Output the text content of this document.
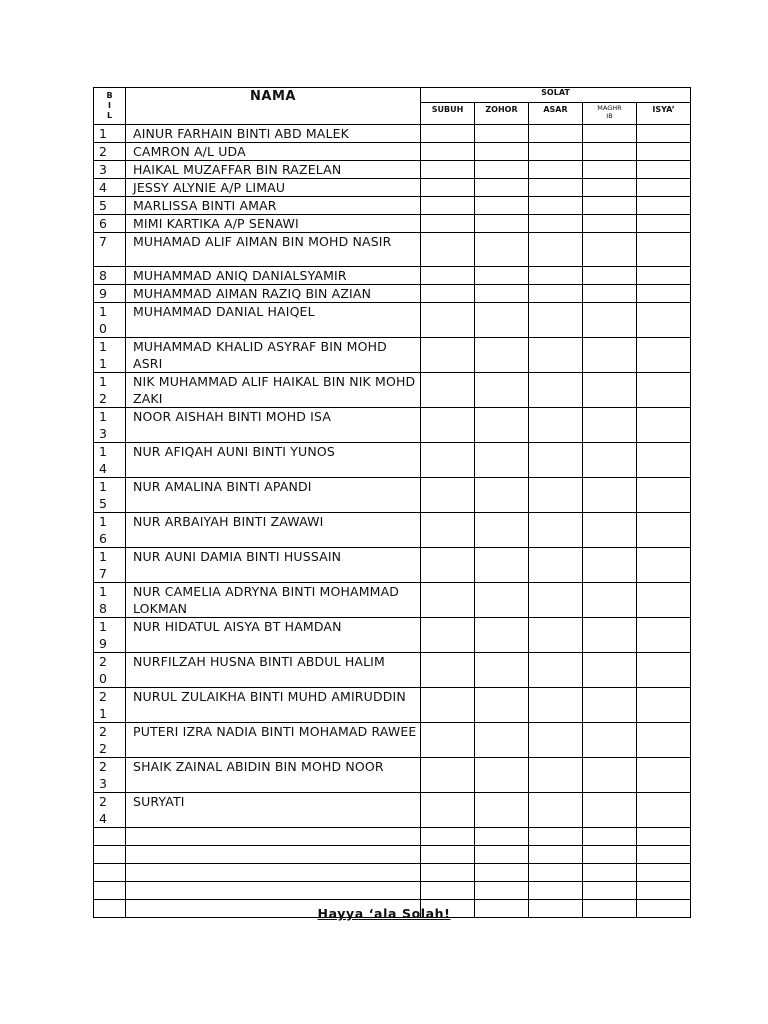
BIL	NAMA	SOLAT				
		SUBUH	ZOHOR	ASAR	MAGHRIB	ISYA’

1	AINUR FARHAIN BINTI ABD MALEK					

2	CAMRON A/L UDA					

3	HAIKAL MUZAFFAR BIN RAZELAN					

4	JESSY ALYNIE A/P LIMAU					

5	MARLISSA BINTI AMAR					

6	MIMI KARTIKA A/P SENAWI					

7	MUHAMAD ALIF AIMAN BIN MOHD NASIR					

8	MUHAMMAD ANIQ DANIALSYAMIR					

9	MUHAMMAD AIMAN RAZIQ BIN AZIAN					

10	MUHAMMAD DANIAL HAIQEL					

11	MUHAMMAD KHALID ASYRAF BIN MOHD ASRI					

12	NIK MUHAMMAD ALIF HAIKAL BIN NIK MOHD ZAKI					

13	NOOR AISHAH BINTI MOHD ISA					

14	NUR AFIQAH AUNI BINTI YUNOS					

15	NUR AMALINA BINTI APANDI					

16	NUR ARBAIYAH BINTI ZAWAWI					

17	NUR AUNI DAMIA BINTI HUSSAIN					

18	NUR CAMELIA ADRYNA BINTI MOHAMMAD LOKMAN					

19	NUR HIDATUL AISYA BT HAMDAN					

20	NURFILZAH HUSNA BINTI ABDUL HALIM					

21	NURUL ZULAIKHA BINTI MUHD AMIRUDDIN					

22	PUTERI IZRA NADIA BINTI MOHAMAD RAWEE					

23	SHAIK ZAINAL ABIDIN BIN MOHD NOOR					

24	SURYATI					

Hayya ‘ala Solah!
